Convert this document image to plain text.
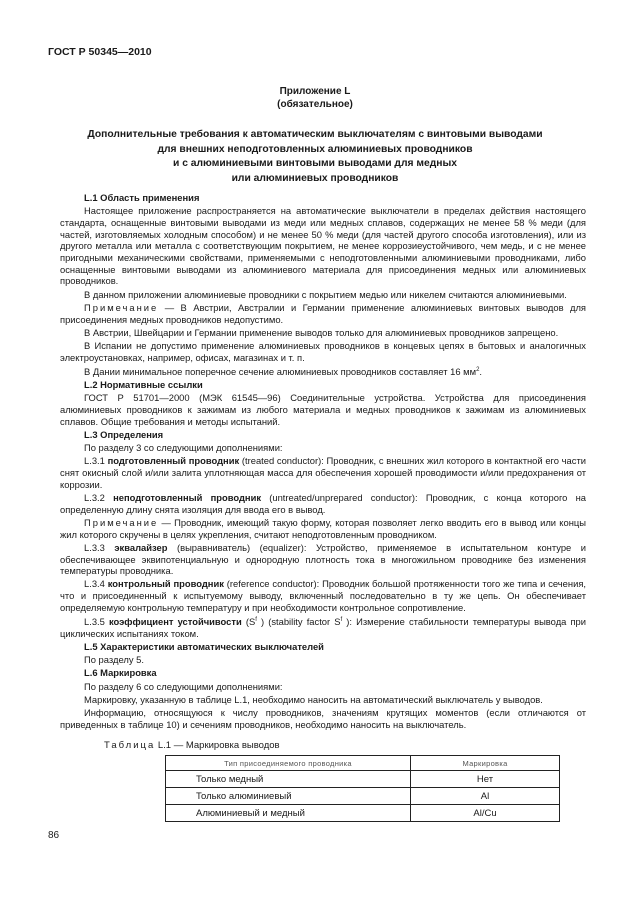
ГОСТ Р 50345—2010
Приложение L
(обязательное)
Дополнительные требования к автоматическим выключателям с винтовыми выводами
для внешних неподготовленных алюминиевых проводников
и с алюминиевыми винтовыми выводами для медных
или алюминиевых проводников

L.1 Область применения

Настоящее приложение распространяется на автоматические выключатели в пределах действия настоящего стандарта, оснащенные винтовыми выводами из меди или медных сплавов, содержащих не менее 58 % меди (для частей, изготовляемых холодным способом) и не менее 50 % меди (для частей другого способа изготовления), или из другого металла или металла с соответствующим покрытием, не менее коррозиеустойчивого, чем медь, и с не менее пригодными механическими свойствами, применяемыми с неподготовленными алюминиевыми проводниками, либо оснащенные винтовыми выводами из алюминиевого материала для присоединения медных или алюминиевых проводников.

В данном приложении алюминиевые проводники с покрытием медью или никелем считаются алюминиевыми.

Примечание — В Австрии, Австралии и Германии применение алюминиевых винтовых выводов для присоединения медных проводников недопустимо.

В Австрии, Швейцарии и Германии применение выводов только для алюминиевых проводников запрещено.

В Испании не допустимо применение алюминиевых проводников в концевых цепях в бытовых и аналогичных электроустановках, например, офисах, магазинах и т. п.

В Дании минимальное поперечное сечение алюминиевых проводников составляет 16 $мм^2$.

L.2 Нормативные ссылки

ГОСТ Р 51701—2000 (МЭК 61545—96) Соединительные устройства. Устройства для присоединения алюминиевых проводников к зажимам из любого материала и медных проводников к зажимам из алюминиевых сплавов. Общие требования и методы испытаний.

L.3 Определения

По разделу 3 со следующими дополнениями:

L.3.1 подготовленный проводник (treated conductor): Проводник, с внешних жил которого в контактной его части снят окисный слой и/или залита уплотняющая масса для обеспечения хорошей проводимости и/или предохранения от коррозии.

L.3.2 неподготовленный проводник (untreated/unprepared conductor): Проводник, с конца которого на определенную длину снята изоляция для ввода его в вывод.

Примечание — Проводник, имеющий такую форму, которая позволяет легко вводить его в вывод или концы жил которого скручены в целях укрепления, считают неподготовленным проводником.

L.3.3 эквалайзер (выравниватель) (equalizer): Устройство, применяемое в испытательном контуре и обеспечивающее эквипотенциальную и однородную плотность тока в многожильном проводнике без изменения температуры проводника.

L.3.4 контрольный проводник (reference conductor): Проводник большой протяженности того же типа и сечения, что и присоединенный к испытуемому выводу, включенный последовательно в ту же цепь. Он обеспечивает определяемую контрольную температуру и при необходимости контрольное сопротивление.

L.3.5 коэффициент устойчивости ($S^f$ ) (stability factor $S^f$ ): Измерение стабильности температуры вывода при циклических испытаниях током.

L.5 Характеристики автоматических выключателей

По разделу 5.

L.6 Маркировка

По разделу 6 со следующими дополнениями:

Маркировку, указанную в таблице L.1, необходимо наносить на автоматический выключатель у выводов.

Информацию, относящуюся к числу проводников, значениям крутящих моментов (если отличаются от приведенных в таблице 10) и сечениям проводников, необходимо наносить на выключатель.

Таблица L.1 — Маркировка выводов
Тип присоединяемого проводника	Маркировка
Только медный	Нет
Только алюминиевый	Al
Алюминиевый и медный	Al/Cu
86
